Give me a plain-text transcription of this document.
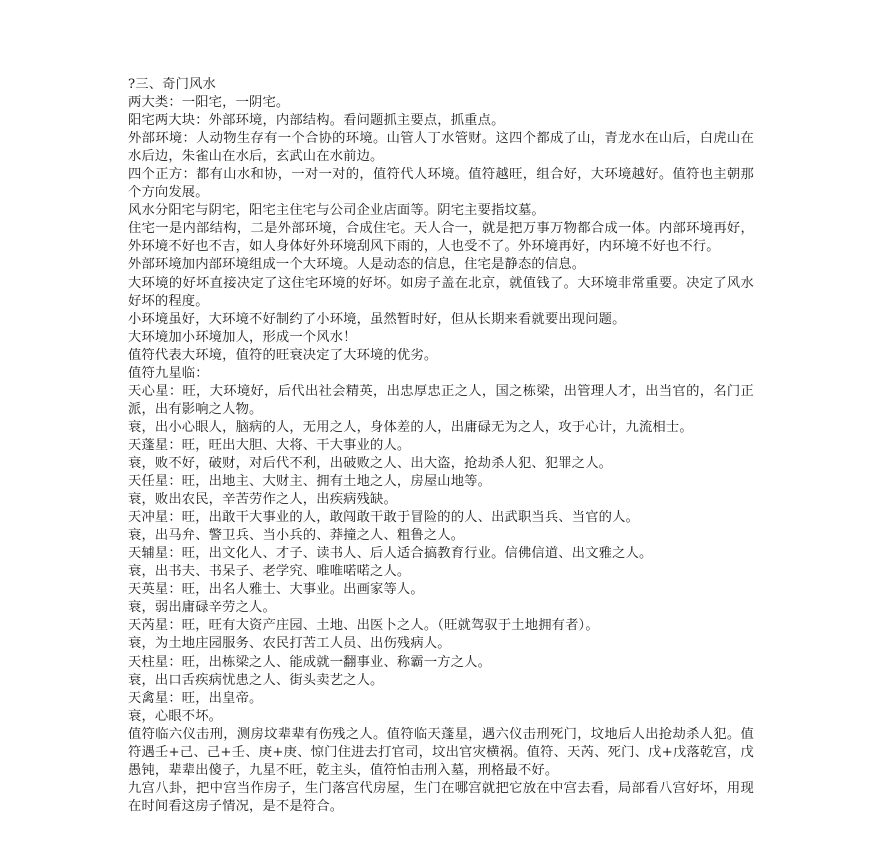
?三、奇门风水

两大类：一阳宅，一阴宅。

阳宅两大块：外部环境，内部结构。看问题抓主要点，抓重点。

外部环境：人动物生存有一个合协的环境。山管人丁水管财。这四个都成了山，青龙水在山后，白虎山在水后边，朱雀山在水后，玄武山在水前边。

四个正方：都有山水和协，一对一对的，值符代人环境。值符越旺，组合好，大环境越好。值符也主朝那个方向发展。

风水分阳宅与阴宅，阳宅主住宅与公司企业店面等。阴宅主要指坟墓。

住宅一是内部结构，二是外部环境，合成住宅。天人合一，就是把万事万物都合成一体。内部环境再好，外环境不好也不吉，如人身体好外环境刮风下雨的，人也受不了。外环境再好，内环境不好也不行。

外部环境加内部环境组成一个大环境。人是动态的信息，住宅是静态的信息。

大环境的好坏直接决定了这住宅环境的好坏。如房子盖在北京，就值钱了。大环境非常重要。决定了风水好坏的程度。

小环境虽好，大环境不好制约了小环境，虽然暂时好，但从长期来看就要出现问题。

大环境加小环境加人，形成一个风水！

值符代表大环境，值符的旺衰决定了大环境的优劣。

值符九星临：

天心星：旺，大环境好，后代出社会精英，出忠厚忠正之人，国之栋梁，出管理人才，出当官的，名门正派，出有影响之人物。

衰，出小心眼人，脑病的人，无用之人，身体差的人，出庸碌无为之人，攻于心计，九流相士。

天蓬星：旺，旺出大胆、大将、干大事业的人。

衰，败不好，破财，对后代不利，出破败之人、出大盗，抢劫杀人犯、犯罪之人。

天任星：旺，出地主、大财主、拥有土地之人，房屋山地等。

衰，败出农民，辛苦劳作之人，出疾病残缺。

天冲星：旺，出敢干大事业的人，敢闯敢干敢于冒险的的人、出武职当兵、当官的人。

衰，出马弁、警卫兵、当小兵的、莽撞之人、粗鲁之人。

天辅星：旺，出文化人、才子、读书人、后人适合搞教育行业。信佛信道、出文雅之人。

衰，出书夫、书呆子、老学究、唯唯喏喏之人。

天英星：旺，出名人雅士、大事业。出画家等人。

衰，弱出庸碌辛劳之人。

天芮星：旺，旺有大资产庄园、土地、出医卜之人。（旺就驾驭于土地拥有者）。

衰，为土地庄园服务、农民打苦工人员、出伤残病人。

天柱星：旺，出栋梁之人、能成就一翻事业、称霸一方之人。

衰，出口舌疾病忧患之人、街头卖艺之人。

天禽星：旺，出皇帝。

衰，心眼不坏。

值符临六仪击刑，测房坟辈辈有伤残之人。值符临天蓬星，遇六仪击刑死门，坟地后人出抢劫杀人犯。值符遇壬+己、己+壬、庚+庚、惊门住进去打官司，坟出官灾横祸。值符、天芮、死门、戊+戊落乾宫，戊愚钝，辈辈出傻子，九星不旺，乾主头，值符怕击刑入墓，刑格最不好。

九宫八卦，把中宫当作房子，生门落宫代房屋，生门在哪宫就把它放在中宫去看，局部看八宫好坏，用现在时间看这房子情况，是不是符合。
